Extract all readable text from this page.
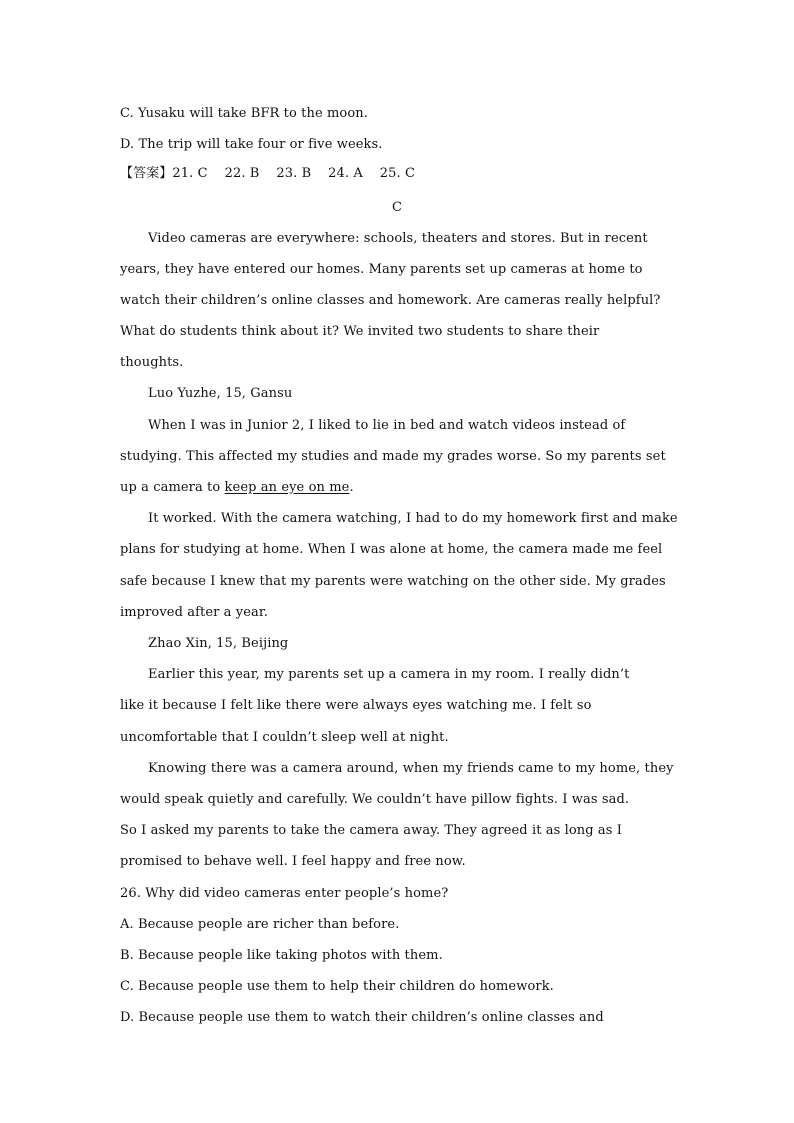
C. Yusaku will take BFR to the moon.
D. The trip will take four or five weeks.
【答案】21. C    22. B    23. B    24. A    25. C
C
Video cameras are everywhere: schools, theaters and stores. But in recent
years, they have entered our homes. Many parents set up cameras at home to
watch their children’s online classes and homework. Are cameras really helpful?
What do students think about it? We invited two students to share their
thoughts.
Luo Yuzhe, 15, Gansu
When I was in Junior 2, I liked to lie in bed and watch videos instead of
studying. This affected my studies and made my grades worse. So my parents set
up a camera to keep an eye on me.
It worked. With the camera watching, I had to do my homework first and make
plans for studying at home. When I was alone at home, the camera made me feel
safe because I knew that my parents were watching on the other side. My grades
improved after a year.
Zhao Xin, 15, Beijing
Earlier this year, my parents set up a camera in my room. I really didn’t
like it because I felt like there were always eyes watching me. I felt so
uncomfortable that I couldn’t sleep well at night.
Knowing there was a camera around, when my friends came to my home, they
would speak quietly and carefully. We couldn’t have pillow fights. I was sad.
So I asked my parents to take the camera away. They agreed it as long as I
promised to behave well. I feel happy and free now.
26. Why did video cameras enter people’s home?
A. Because people are richer than before.
B. Because people like taking photos with them.
C. Because people use them to help their children do homework.
D. Because people use them to watch their children’s online classes and
